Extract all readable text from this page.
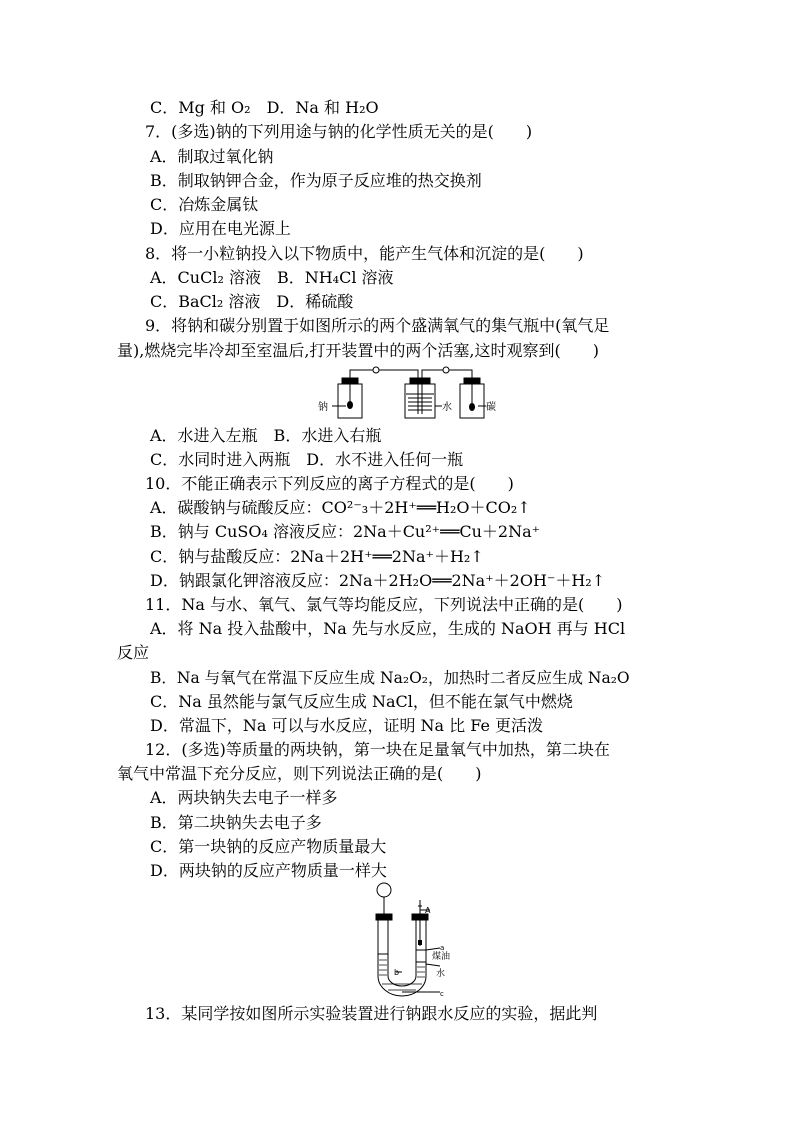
C．Mg 和 O₂　D．Na 和 H₂O
7．(多选)钠的下列用途与钠的化学性质无关的是(　　)
A．制取过氧化钠
B．制取钠钾合金，作为原子反应堆的热交换剂
C．冶炼金属钛
D．应用在电光源上
8．将一小粒钠投入以下物质中，能产生气体和沉淀的是(　　)
A．CuCl₂ 溶液　B．NH₄Cl 溶液
C．BaCl₂ 溶液　D．稀硫酸
9．将钠和碳分别置于如图所示的两个盛满氧气的集气瓶中(氧气足
量),燃烧完毕冷却至室温后,打开装置中的两个活塞,这时观察到(　　)
钠	水	碳
A．水进入左瓶　B．水进入右瓶
C．水同时进入两瓶　D．水不进入任何一瓶
10．不能正确表示下列反应的离子方程式的是(　　)
A．碳酸钠与硫酸反应：CO²⁻₃＋2H⁺══H₂O＋CO₂↑
B．钠与 CuSO₄ 溶液反应：2Na＋Cu²⁺══Cu＋2Na⁺
C．钠与盐酸反应：2Na＋2H⁺══2Na⁺＋H₂↑
D．钠跟氯化钾溶液反应：2Na＋2H₂O══2Na⁺＋2OH⁻＋H₂↑
11．Na 与水、氧气、氯气等均能反应，下列说法中正确的是(　　)
A．将 Na 投入盐酸中，Na 先与水反应，生成的 NaOH 再与 HCl
反应
B．Na 与氧气在常温下反应生成 Na₂O₂，加热时二者反应生成 Na₂O
C．Na 虽然能与氯气反应生成 NaCl，但不能在氯气中燃烧
D．常温下，Na 可以与水反应，证明 Na 比 Fe 更活泼
12．(多选)等质量的两块钠，第一块在足量氧气中加热，第二块在
氧气中常温下充分反应，则下列说法正确的是(　　)
A．两块钠失去电子一样多
B．第二块钠失去电子多
C．第一块钠的反应产物质量最大
D．两块钠的反应产物质量一样大
A
a
煤油
b	水
c
13．某同学按如图所示实验装置进行钠跟水反应的实验，据此判
